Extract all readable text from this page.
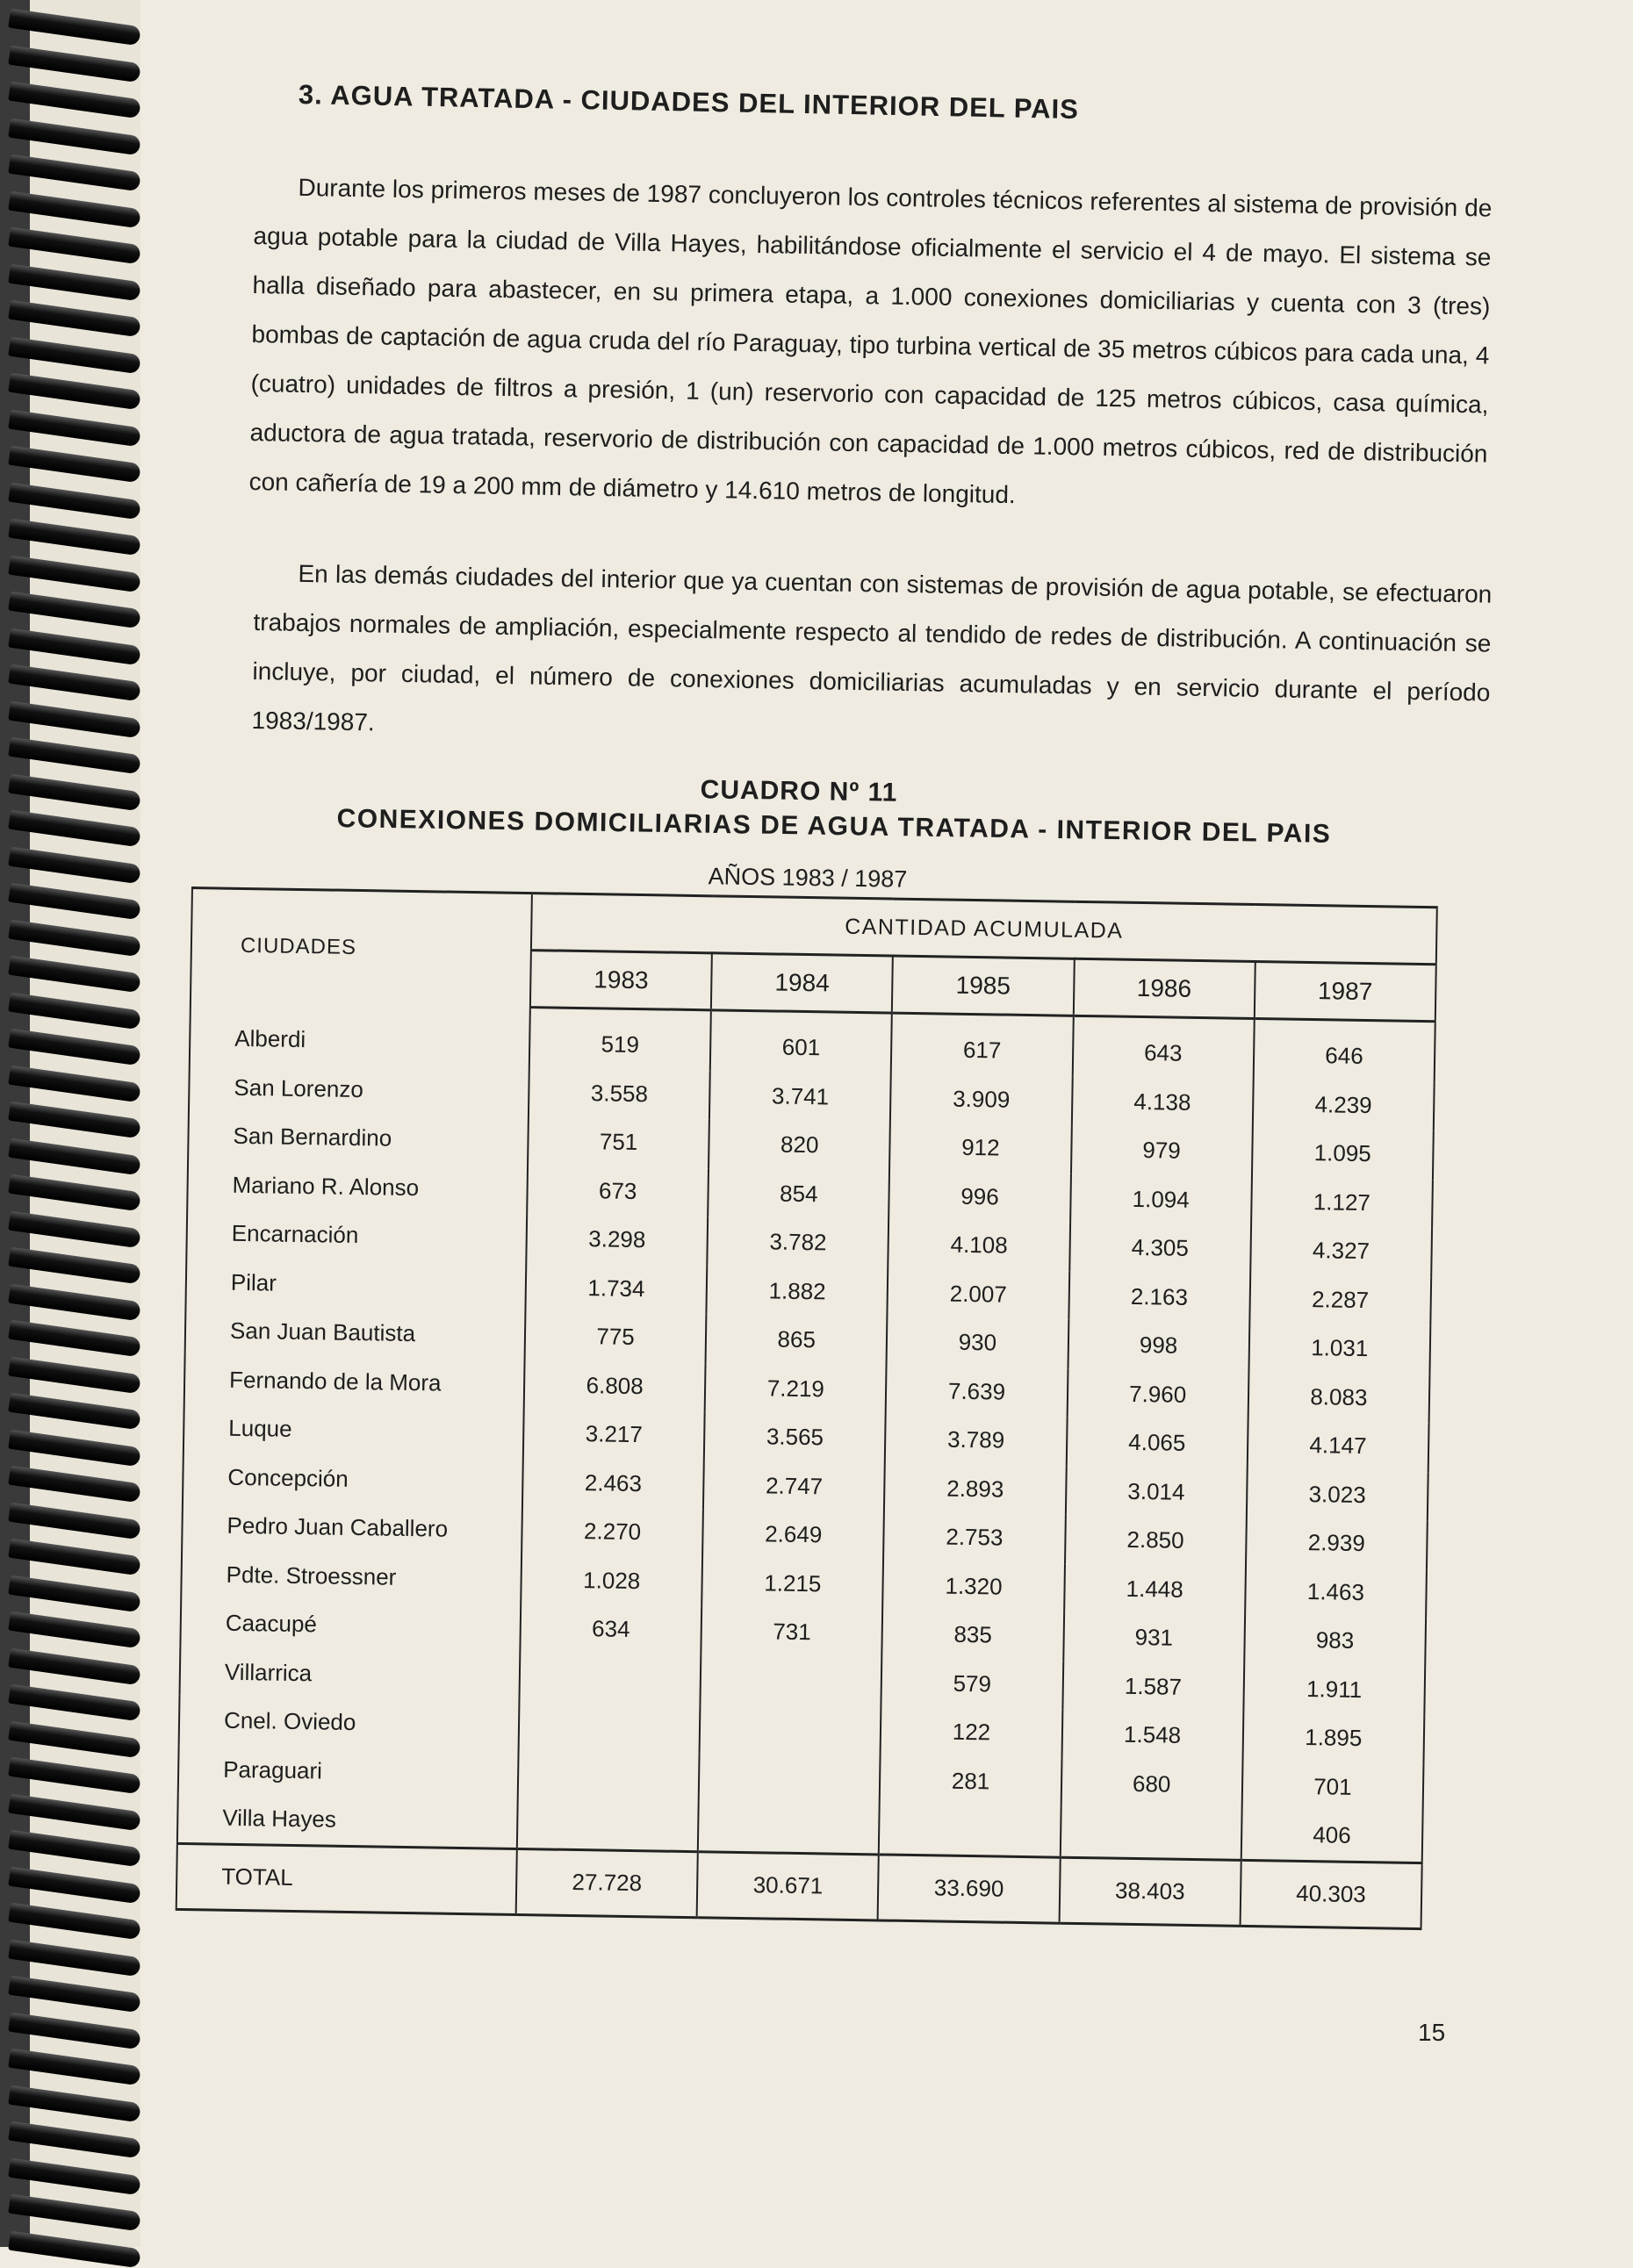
3. AGUA TRATADA - CIUDADES DEL INTERIOR DEL PAIS

Durante los primeros meses de 1987 concluyeron los controles técnicos referentes al sistema de provisión de agua potable para la ciudad de Villa Hayes, habilitándose oficialmente el servicio el 4 de mayo. El sistema se halla diseñado para abastecer, en su primera etapa, a 1.000 conexiones domiciliarias y cuenta con 3 (tres) bombas de captación de agua cruda del río Paraguay, tipo turbina vertical de 35 metros cúbicos para cada una, 4 (cuatro) unidades de filtros a presión, 1 (un) reservorio con capacidad de 125 metros cúbicos, casa química, aductora de agua tratada, reservorio de distribución con capacidad de 1.000 metros cúbicos, red de distribución con cañería de 19 a 200 mm de diámetro y 14.610 metros de longitud.

En las demás ciudades del interior que ya cuentan con sistemas de provisión de agua potable, se efectuaron trabajos normales de ampliación, especialmente respecto al tendido de redes de distribución. A continuación se incluye, por ciudad, el número de conexiones domiciliarias acumuladas y en servicio durante el período 1983/1987.

CUADRO Nº 11

CONEXIONES DOMICILIARIAS DE AGUA TRATADA - INTERIOR DEL PAIS

AÑOS 1983 / 1987

CIUDADES	CANTIDAD ACUMULADA				
	1983	1984	1985	1986	1987
Alberdi	519	601	617	643	646
San Lorenzo	3.558	3.741	3.909	4.138	4.239
San Bernardino	751	820	912	979	1.095
Mariano R. Alonso	673	854	996	1.094	1.127
Encarnación	3.298	3.782	4.108	4.305	4.327
Pilar	1.734	1.882	2.007	2.163	2.287
San Juan Bautista	775	865	930	998	1.031
Fernando de la Mora	6.808	7.219	7.639	7.960	8.083
Luque	3.217	3.565	3.789	4.065	4.147
Concepción	2.463	2.747	2.893	3.014	3.023
Pedro Juan Caballero	2.270	2.649	2.753	2.850	2.939
Pdte. Stroessner	1.028	1.215	1.320	1.448	1.463
Caacupé	634	731	835	931	983
Villarrica			579	1.587	1.911
Cnel. Oviedo			122	1.548	1.895
Paraguari			281	680	701
Villa Hayes					406
TOTAL	27.728	30.671	33.690	38.403	40.303
15
